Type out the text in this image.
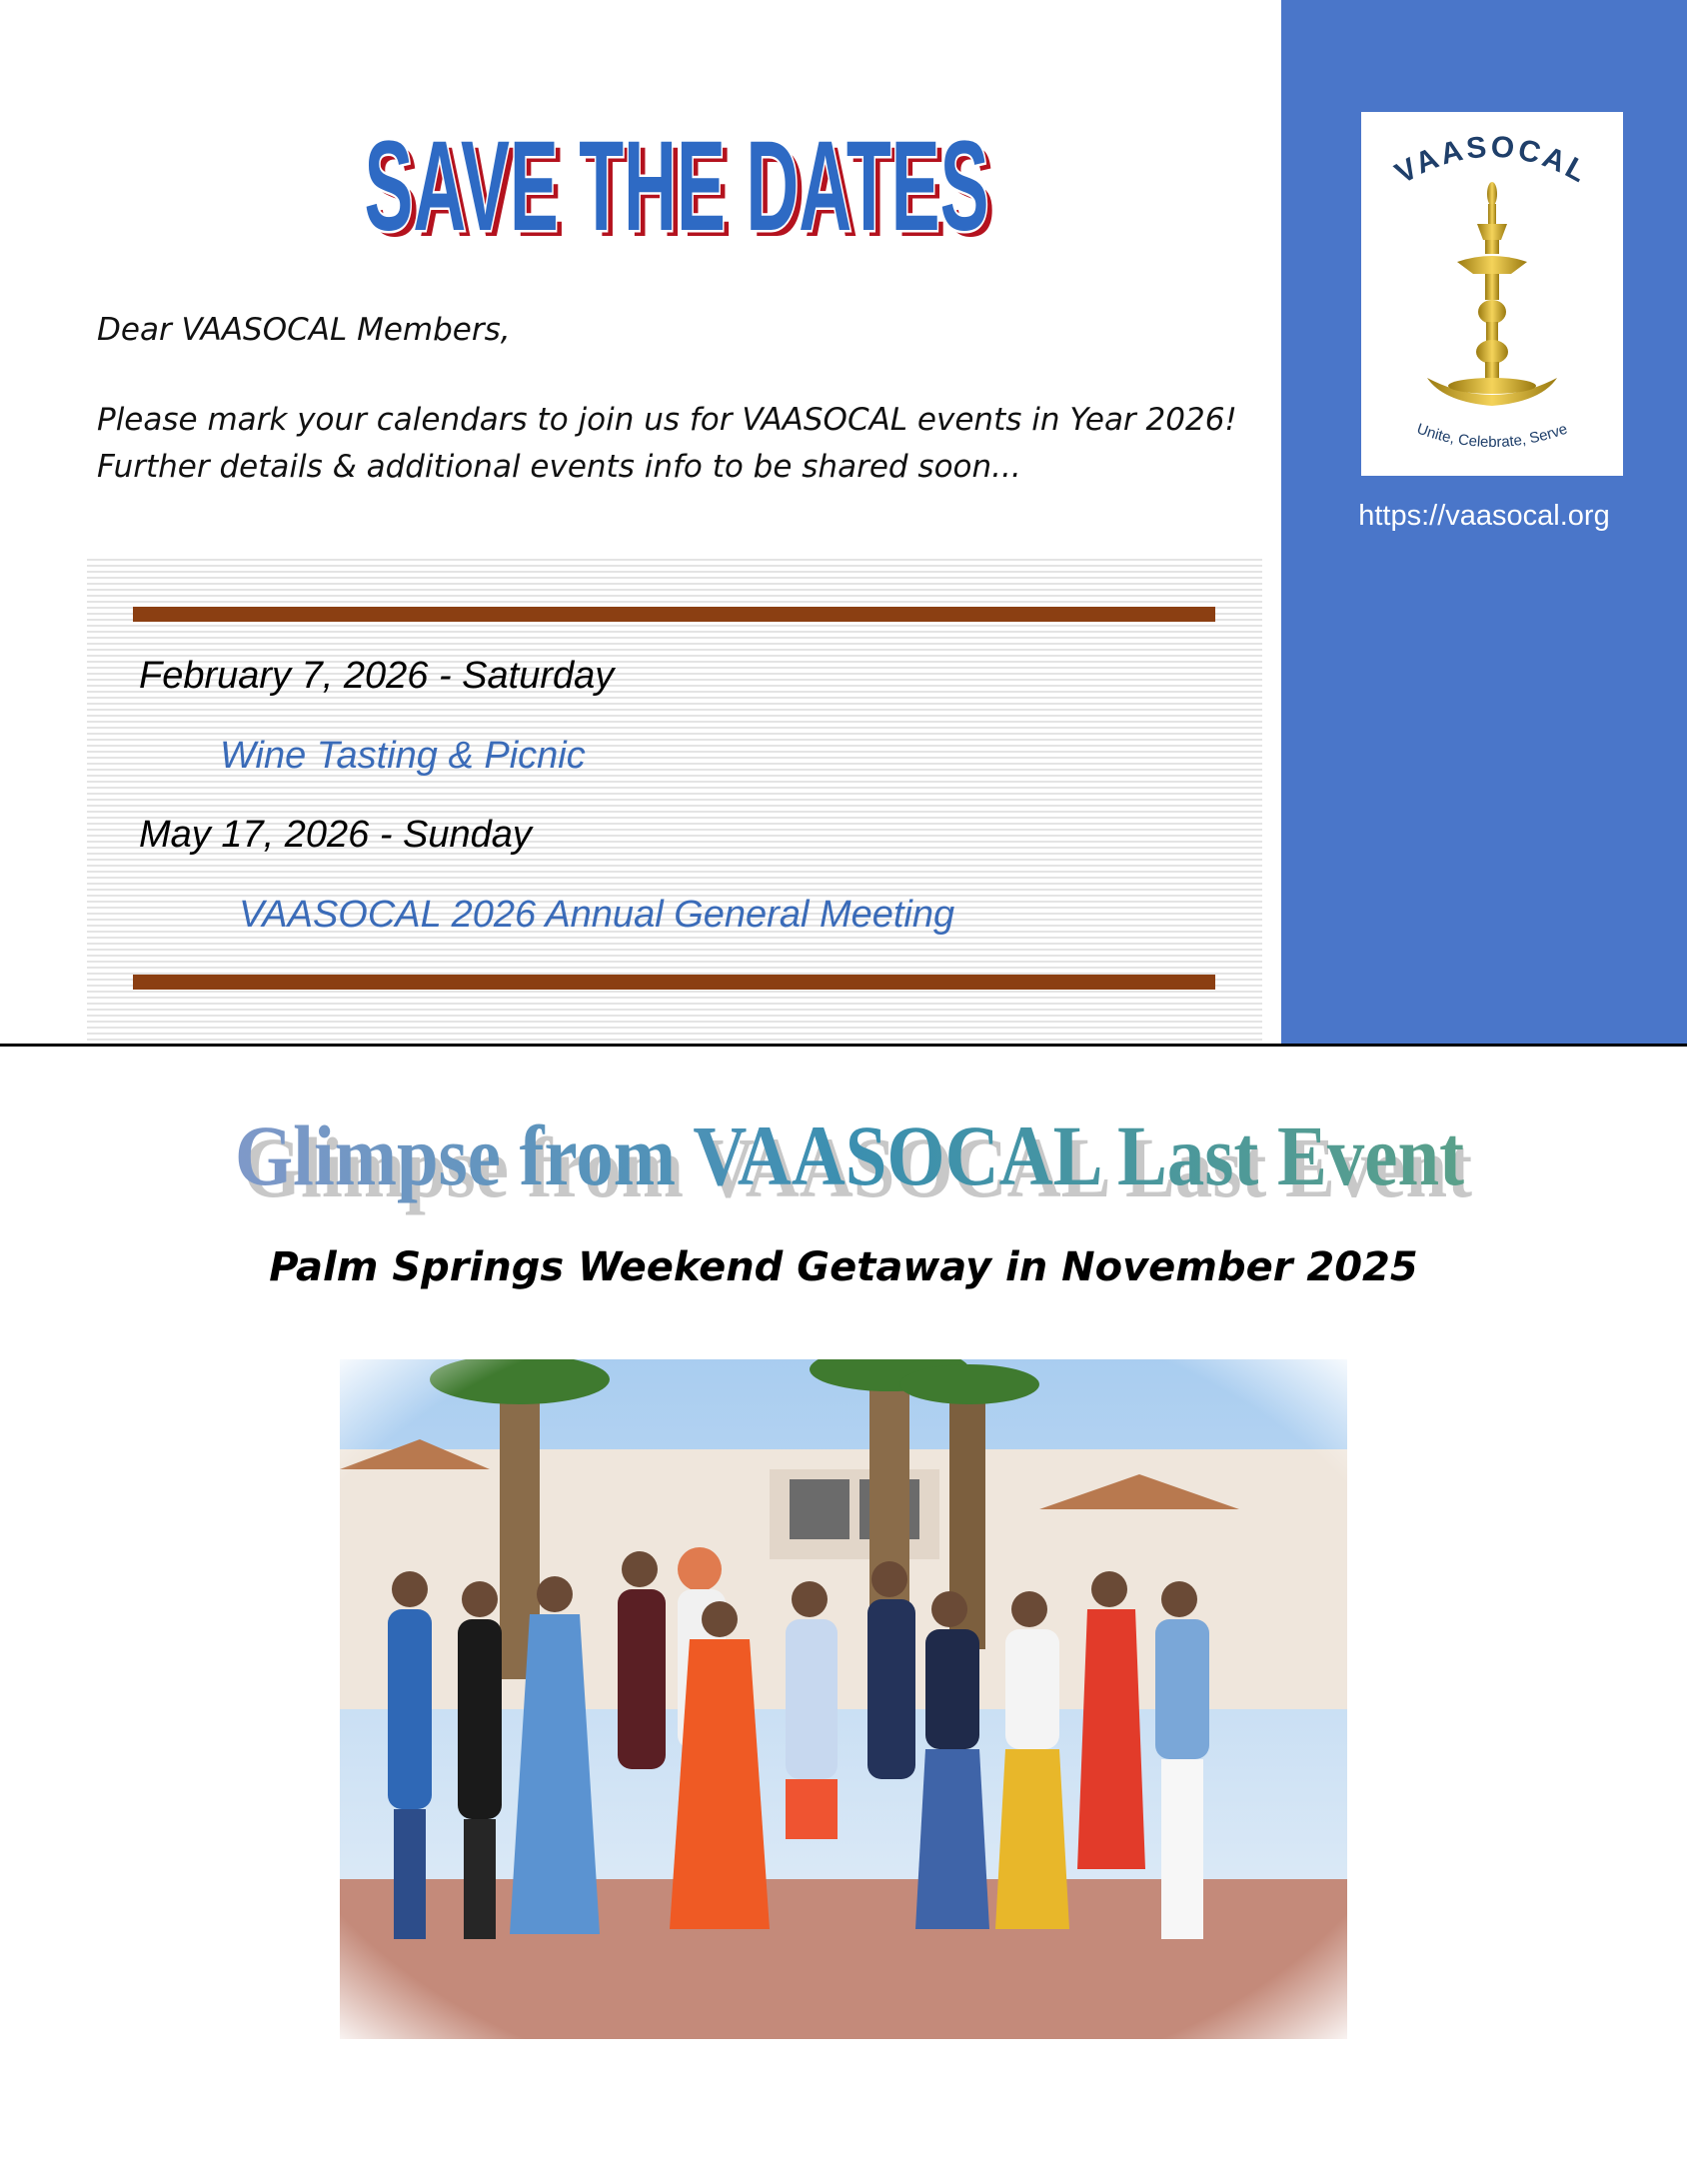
SAVE THE DATES
SAVE THE DATES
Dear VAASOCAL Members,
Please mark your calendars to join us for VAASOCAL events in Year 2026!
Further details & additional events info to be shared soon...
February 7, 2026 - Saturday
Wine Tasting & Picnic
May 17, 2026 - Sunday
VAASOCAL 2026 Annual General Meeting
VAASOCAL
Unite, Celebrate, Serve
https://vaasocal.org
Glimpse from VAASOCAL Last Event
Glimpse from VAASOCAL Last Event
Palm Springs Weekend Getaway in November 2025
